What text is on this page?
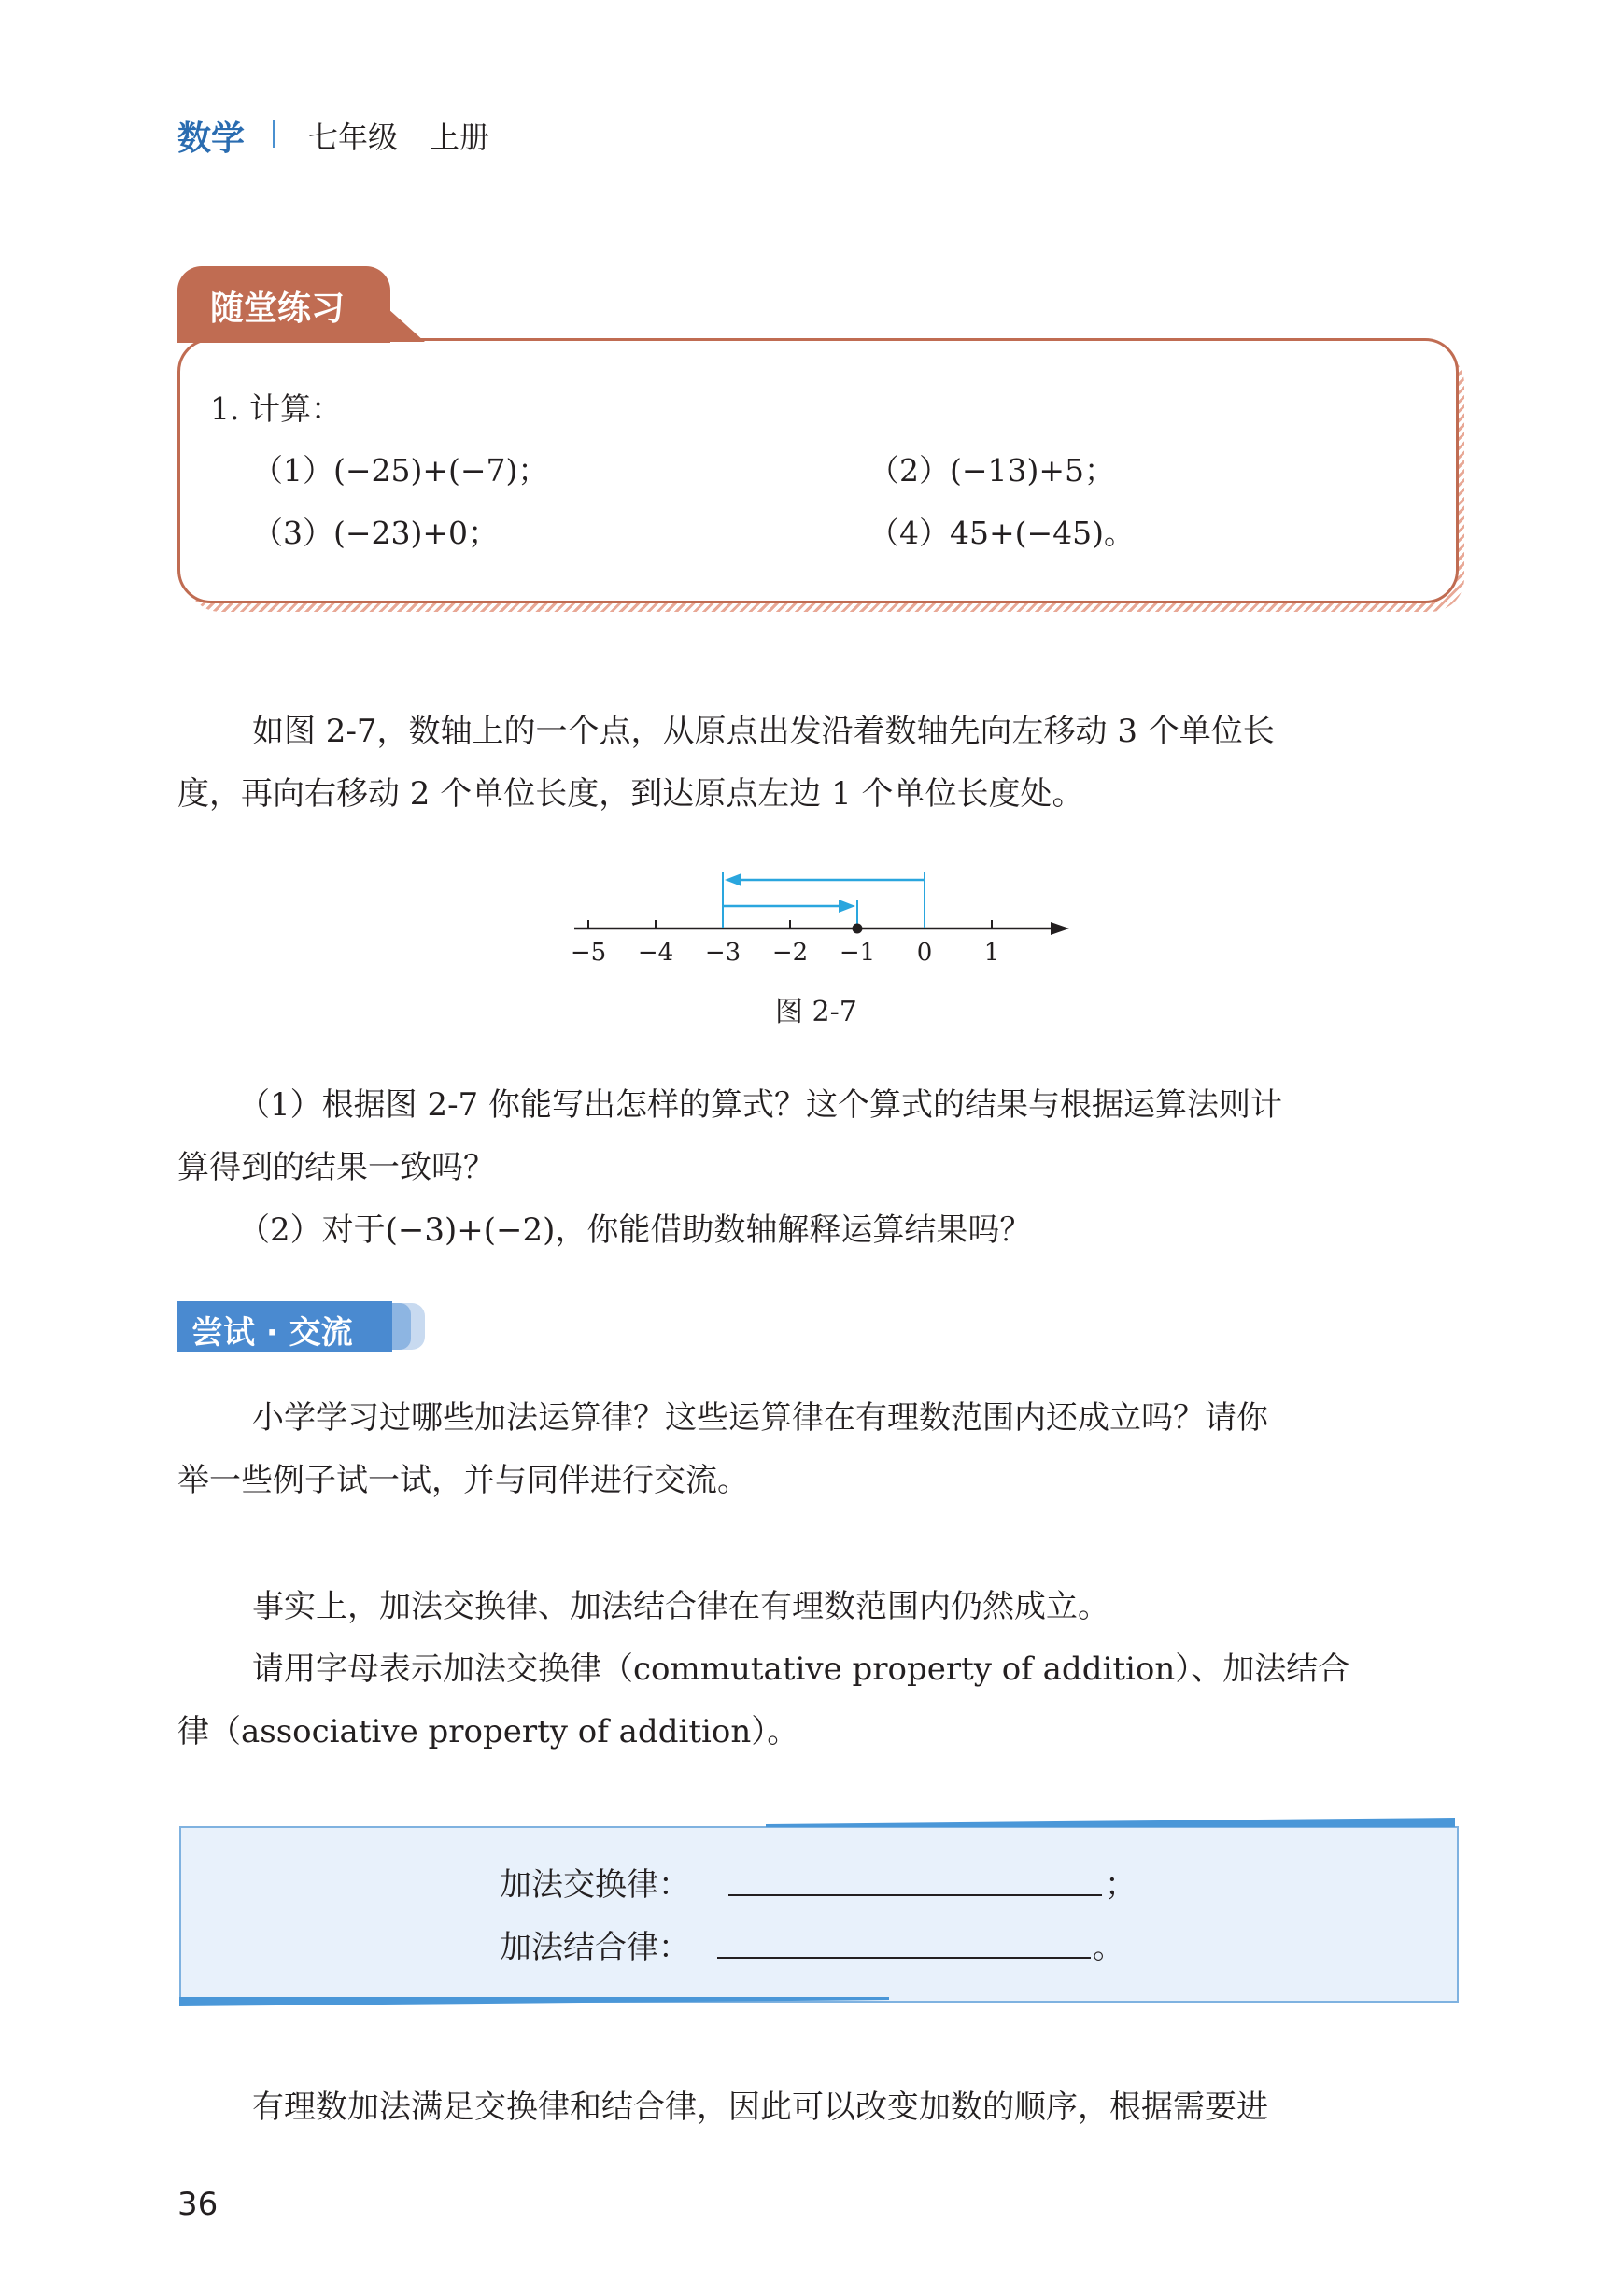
数学 七年级 上册
随堂练习
1. 计算：
（1）(−25)+(−7)；	（2）(−13)+5；
（3）(−23)+0；	（4）45+(−45)。
如图 2-7，数轴上的一个点，从原点出发沿着数轴先向左移动 3 个单位长
度，再向右移动 2 个单位长度，到达原点左边 1 个单位长度处。
−5 −4 −3 −2 −1 0 1
图 2-7
（1）根据图 2-7 你能写出怎样的算式？这个算式的结果与根据运算法则计
算得到的结果一致吗？
（2）对于(−3)+(−2)，你能借助数轴解释运算结果吗？
尝试 · 交流
小学学习过哪些加法运算律？这些运算律在有理数范围内还成立吗？请你
举一些例子试一试，并与同伴进行交流。
事实上，加法交换律、加法结合律在有理数范围内仍然成立。
请用字母表示加法交换律（commutative property of addition）、加法结合
律（associative property of addition）。
加法交换律：	；
加法结合律：	。
有理数加法满足交换律和结合律，因此可以改变加数的顺序，根据需要进
36
